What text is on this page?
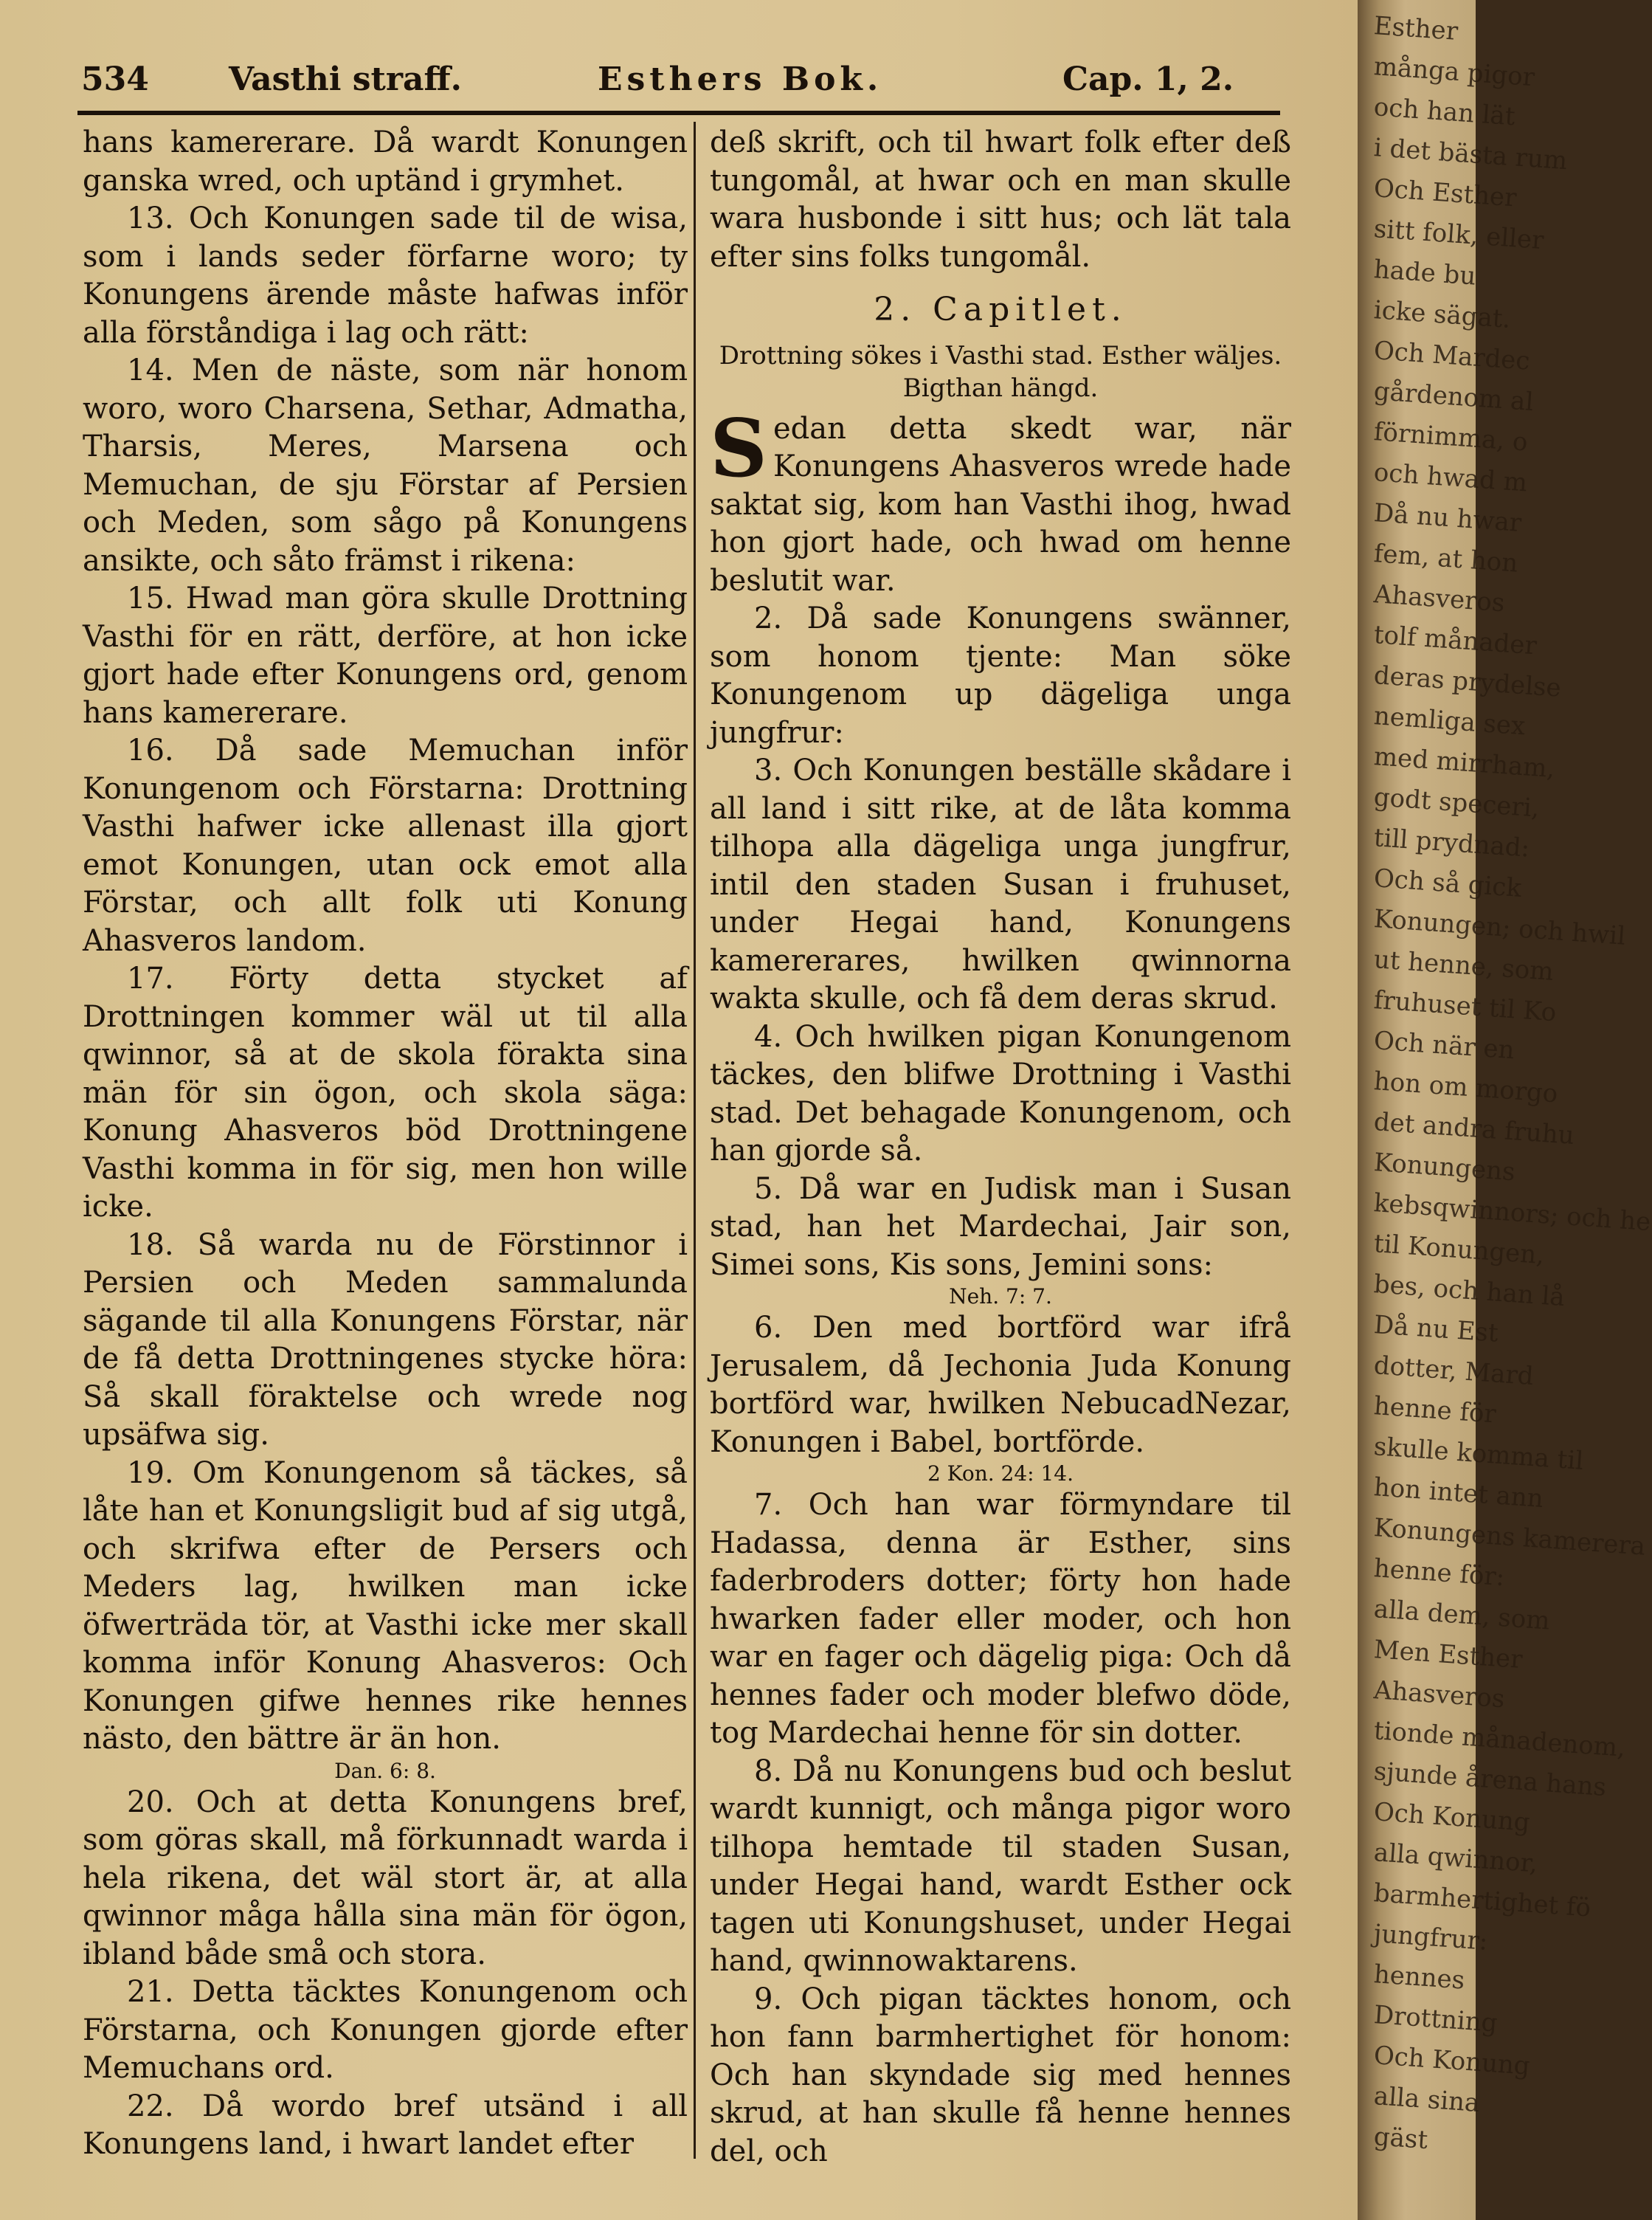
534 Vasthi straff.	Esthers Bok.	Cap. 1, 2.

hans kamererare. Då wardt Konungen ganska wred, och uptänd i grymhet.

13. Och Konungen sade til de wisa, som i lands seder förfarne woro; ty Konungens ärende måste hafwas inför alla förståndiga i lag och rätt:

14. Men de näste, som när honom woro, woro Charsena, Sethar, Admatha, Tharsis, Meres, Marsena och Memuchan, de sju Förstar af Persien och Meden, som sågo på Konungens ansikte, och såto främst i rikena:

15. Hwad man göra skulle Drottning Vasthi för en rätt, derföre, at hon icke gjort hade efter Konungens ord, genom hans kamererare.

16. Då sade Memuchan inför Konungenom och Förstarna: Drottning Vasthi hafwer icke allenast illa gjort emot Konungen, utan ock emot alla Förstar, och allt folk uti Konung Ahasveros landom.

17. Förty detta stycket af Drottningen kommer wäl ut til alla qwinnor, så at de skola förakta sina män för sin ögon, och skola säga: Konung Ahasveros böd Drottningene Vasthi komma in för sig, men hon wille icke.

18. Så warda nu de Förstinnor i Persien och Meden sammalunda sägande til alla Konungens Förstar, när de få detta Drottningenes stycke höra: Så skall föraktelse och wrede nog upsäfwa sig.

19. Om Konungenom så täckes, så låte han et Konungsligit bud af sig utgå, och skrifwa efter de Persers och Meders lag, hwilken man icke öfwerträda tör, at Vasthi icke mer skall komma inför Konung Ahasveros: Och Konungen gifwe hennes rike hennes nästo, den bättre är än hon.

Dan. 6: 8.

20. Och at detta Konungens bref, som göras skall, må förkunnadt warda i hela rikena, det wäl stort är, at alla qwinnor måga hålla sina män för ögon, ibland både små och stora.

21. Detta täcktes Konungenom och Förstarna, och Konungen gjorde efter Memuchans ord.

22. Då wordo bref utsänd i all Konungens land, i hwart landet efter

deß skrift, och til hwart folk efter deß tungomål, at hwar och en man skulle wara husbonde i sitt hus; och lät tala efter sins folks tungomål.

2. Capitlet.

Drottning sökes i Vasthi stad. Esther wäljes. Bigthan hängd.

S edan detta skedt war, när Konungens Ahasveros wrede hade saktat sig, kom han Vasthi ihog, hwad hon gjort hade, och hwad om henne beslutit war.

2. Då sade Konungens swänner, som honom tjente: Man söke Konungenom up dägeliga unga jungfrur:

3. Och Konungen beställe skådare i all land i sitt rike, at de låta komma tilhopa alla dägeliga unga jungfrur, intil den staden Susan i fruhuset, under Hegai hand, Konungens kamererares, hwilken qwinnorna wakta skulle, och få dem deras skrud.

4. Och hwilken pigan Konungenom täckes, den blifwe Drottning i Vasthi stad. Det behagade Konungenom, och han gjorde så.

5. Då war en Judisk man i Susan stad, han het Mardechai, Jair son, Simei sons, Kis sons, Jemini sons:

Neh. 7: 7.

6. Den med bortförd war ifrå Jerusalem, då Jechonia Juda Konung bortförd war, hwilken NebucadNezar, Konungen i Babel, bortförde.

2 Kon. 24: 14.

7. Och han war förmyndare til Hadassa, denna är Esther, sins faderbroders dotter; förty hon hade hwarken fader eller moder, och hon war en fager och dägelig piga: Och då hennes fader och moder blefwo döde, tog Mardechai henne för sin dotter.

8. Då nu Konungens bud och beslut wardt kunnigt, och många pigor woro tilhopa hemtade til staden Susan, under Hegai hand, wardt Esther ock tagen uti Konungshuset, under Hegai hand, qwinnowaktarens.

9. Och pigan täcktes honom, och hon fann barmhertighet för honom: Och han skyndade sig med hennes skrud, at han skulle få henne hennes del, och

Esther
många pigor
och han lät
i det bästa rum
Och Esther
sitt folk, eller
hade bu
icke sägat.
Och Mardec
gårdenom al
förnimma, o
och hwad m
Då nu hwar
fem, at hon
Ahasveros
tolf månader
deras prydelse
nemliga sex
med mirrham,
godt speceri,
till prydnad:
Och så gick
Konungen; och hwil
ut henne, som
fruhuset til Ko
Och när en
hon om morgo
det andra fruhu
Konungens
kebsqwinnors; och he
til Konungen,
bes, och han lå
Då nu Est
dotter, Mard
henne för
skulle komma til
hon intet ann
Konungens kamerera
henne för:
alla dem, som
Men Esther
Ahasveros
tionde månadenom,
sjunde årena hans
Och Konung
alla qwinnor,
barmhertighet fö
jungfrur:
hennes
Drottning
Och Konung
alla sina
gäst
